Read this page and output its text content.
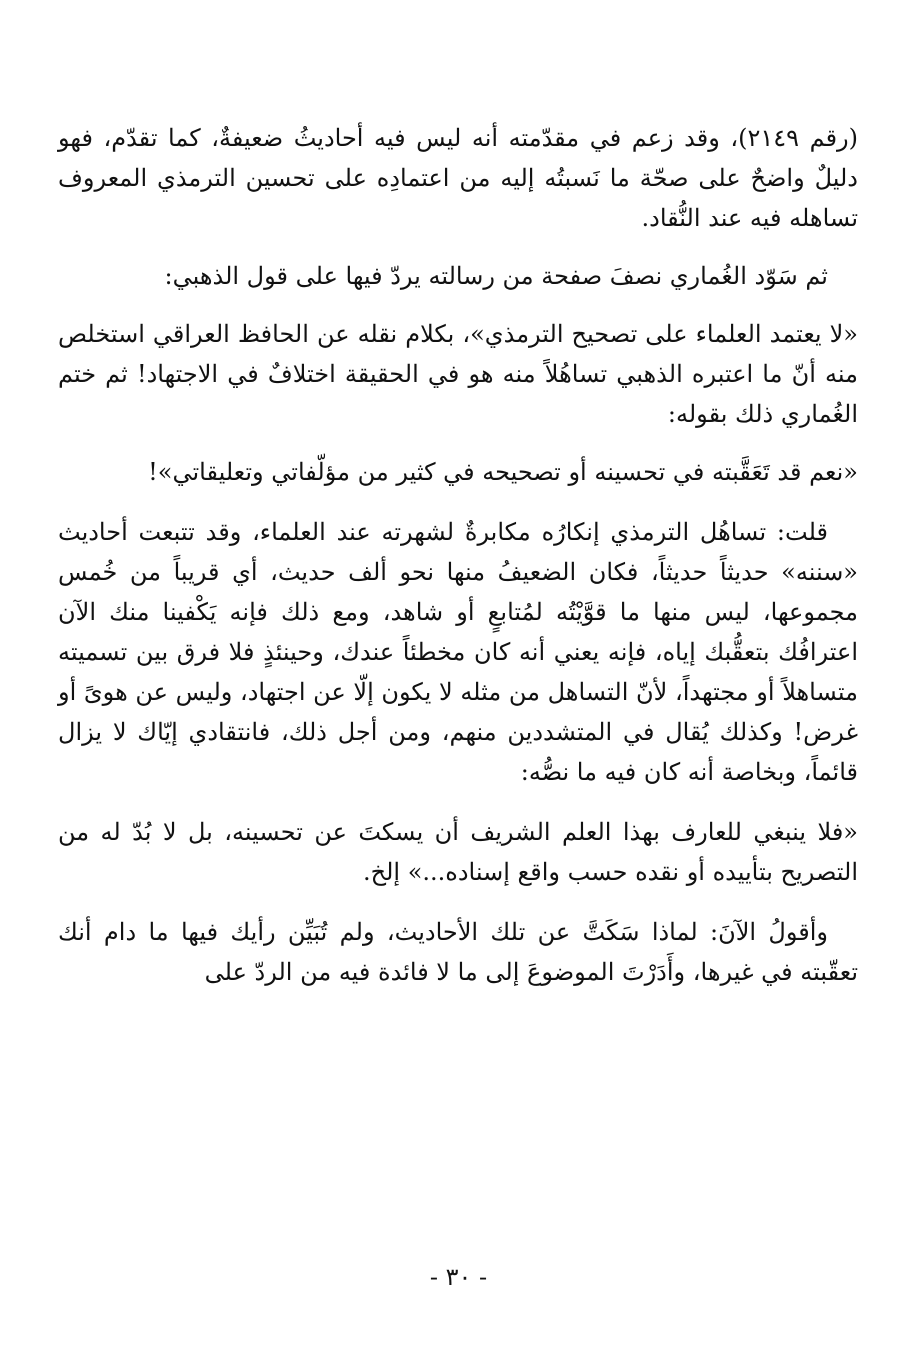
(رقم ٢١٤٩)، وقد زعم في مقدّمته أنه ليس فيه أحاديثُ ضعيفةٌ، كما تقدّم، فهو دليلٌ واضحٌ على صحّة ما نَسبتُه إليه من اعتمادِه على تحسين الترمذي المعروف تساهله فيه عند النُّقاد.

ثم سَوّد الغُماري نصفَ صفحة من رسالته يردّ فيها على قول الذهبي:

«لا يعتمد العلماء على تصحيح الترمذي»، بكلام نقله عن الحافظ العراقي استخلص منه أنّ ما اعتبره الذهبي تساهُلاً منه هو في الحقيقة اختلافٌ في الاجتهاد! ثم ختم الغُماري ذلك بقوله:

«نعم قد تَعَقَّبته في تحسينه أو تصحيحه في كثير من مؤلّفاتي وتعليقاتي»!

قلت: تساهُل الترمذي إنكارُه مكابرةٌ لشهرته عند العلماء، وقد تتبعت أحاديث «سننه» حديثاً حديثاً، فكان الضعيفُ منها نحو ألف حديث، أي قريباً من خُمس مجموعها، ليس منها ما قوَّيْتُه لمُتابعٍ أو شاهد، ومع ذلك فإنه يَكْفينا منك الآن اعترافُك بتعقُّبك إياه، فإنه يعني أنه كان مخطئاً عندك، وحينئذٍ فلا فرق بين تسميته متساهلاً أو مجتهداً، لأنّ التساهل من مثله لا يكون إلّا عن اجتهاد، وليس عن هوىً أو غرض! وكذلك يُقال في المتشددين منهم، ومن أجل ذلك، فانتقادي إيّاك لا يزال قائماً، وبخاصة أنه كان فيه ما نصُّه:

«فلا ينبغي للعارف بهذا العلم الشريف أن يسكتَ عن تحسينه، بل لا بُدّ له من التصريح بتأييده أو نقده حسب واقع إسناده...» إلخ.

وأقولُ الآنَ: لماذا سَكَتَّ عن تلك الأحاديث، ولم تُبَيِّن رأيك فيها ما دام أنك تعقّبته في غيرها، وأَدَرْتَ الموضوعَ إلى ما لا فائدة فيه من الردّ على

- ٣٠ -
